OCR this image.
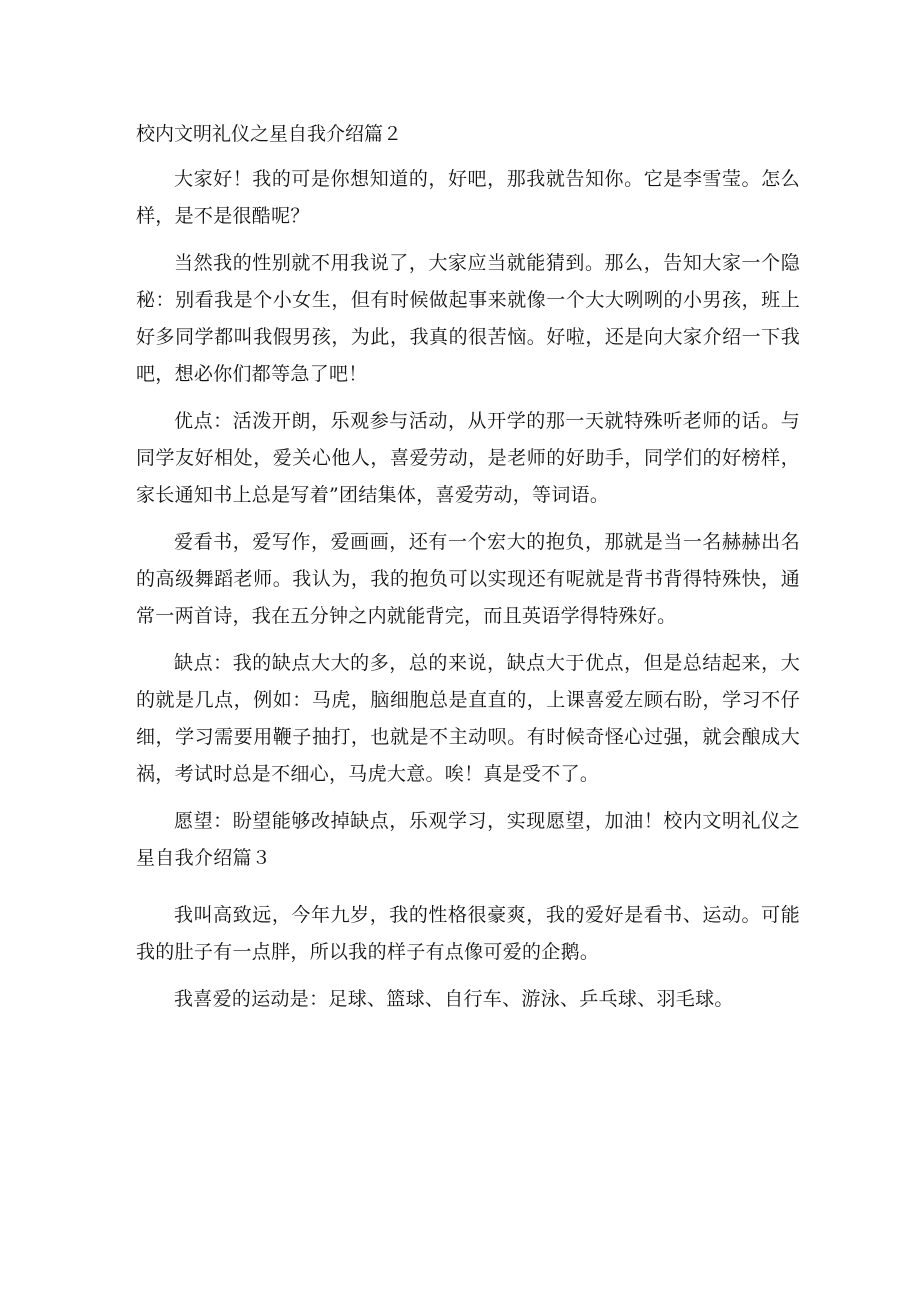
校内文明礼仪之星自我介绍篇２

大家好！我的可是你想知道的，好吧，那我就告知你。它是李雪莹。怎么样，是不是很酷呢？

当然我的性别就不用我说了，大家应当就能猜到。那么，告知大家一个隐秘：别看我是个小女生，但有时候做起事来就像一个大大咧咧的小男孩，班上好多同学都叫我假男孩，为此，我真的很苦恼。好啦，还是向大家介绍一下我吧，想必你们都等急了吧！

优点：活泼开朗，乐观参与活动，从开学的那一天就特殊听老师的话。与同学友好相处，爱关心他人，喜爱劳动，是老师的好助手，同学们的好榜样，家长通知书上总是写着”团结集体，喜爱劳动，等词语。

爱看书，爱写作，爱画画，还有一个宏大的抱负，那就是当一名赫赫出名的高级舞蹈老师。我认为，我的抱负可以实现还有呢就是背书背得特殊快，通常一两首诗，我在五分钟之内就能背完，而且英语学得特殊好。

缺点：我的缺点大大的多，总的来说，缺点大于优点，但是总结起来，大的就是几点，例如：马虎，脑细胞总是直直的，上课喜爱左顾右盼，学习不仔细，学习需要用鞭子抽打，也就是不主动呗。有时候奇怪心过强，就会酿成大祸，考试时总是不细心，马虎大意。唉！真是受不了。

愿望：盼望能够改掉缺点，乐观学习，实现愿望，加油！校内文明礼仪之星自我介绍篇３

我叫高致远，今年九岁，我的性格很豪爽，我的爱好是看书、运动。可能我的肚子有一点胖，所以我的样子有点像可爱的企鹅。

我喜爱的运动是：足球、篮球、自行车、游泳、乒乓球、羽毛球。
